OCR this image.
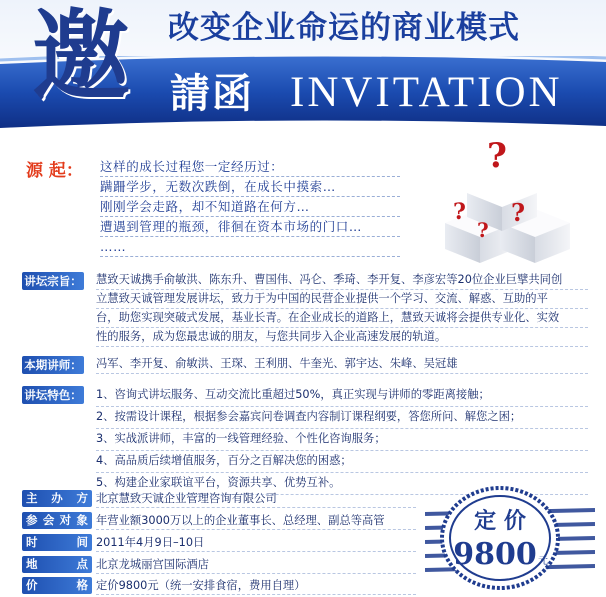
改变企业命运的商业模式
邀 請函 INVITATION
源 起： 这样的成长过程您一定经历过：
蹒跚学步，无数次跌倒，在成长中摸索…
刚刚学会走路，却不知道路在何方…
遭遇到管理的瓶颈，徘徊在资本市场的门口…
……
?
?
?
?
讲坛宗旨： 慧致天诚携手俞敏洪、陈东升、曹国伟、冯仑、季琦、李开复、李彦宏等20位企业巨擘共同创
立慧致天诚管理发展讲坛，致力于为中国的民营企业提供一个学习、交流、解惑、互助的平
台，助您实现突破式发展，基业长青。在企业成长的道路上，慧致天诚将会提供专业化、实效
性的服务，成为您最忠诚的朋友，与您共同步入企业高速发展的轨道。
本期讲师： 冯军、李开复、俞敏洪、王琛、王利朋、牛奎光、郭宇达、朱峰、吴冠雄
讲坛特色： 1、咨询式讲坛服务、互动交流比重超过50%，真正实现与讲师的零距离接触；
2、按需设计课程，根据参会嘉宾问卷调查内容制订课程纲要，答您所问、解您之困；
3、实战派讲师，丰富的一线管理经验、个性化咨询服务；
4、高品质后续增值服务，百分之百解决您的困惑；
5、构建企业家联谊平台，资源共享、优势互补。
主 办 方 北京慧致天诚企业管理咨询有限公司
参会对象 年营业额3000万以上的企业董事长、总经理、副总等高管
时　　间 2011年4月9日–10日
地　　点 北京龙城丽宫国际酒店
价　　格 定价9800元（统一安排食宿，费用自理）
定 价
9800 元
